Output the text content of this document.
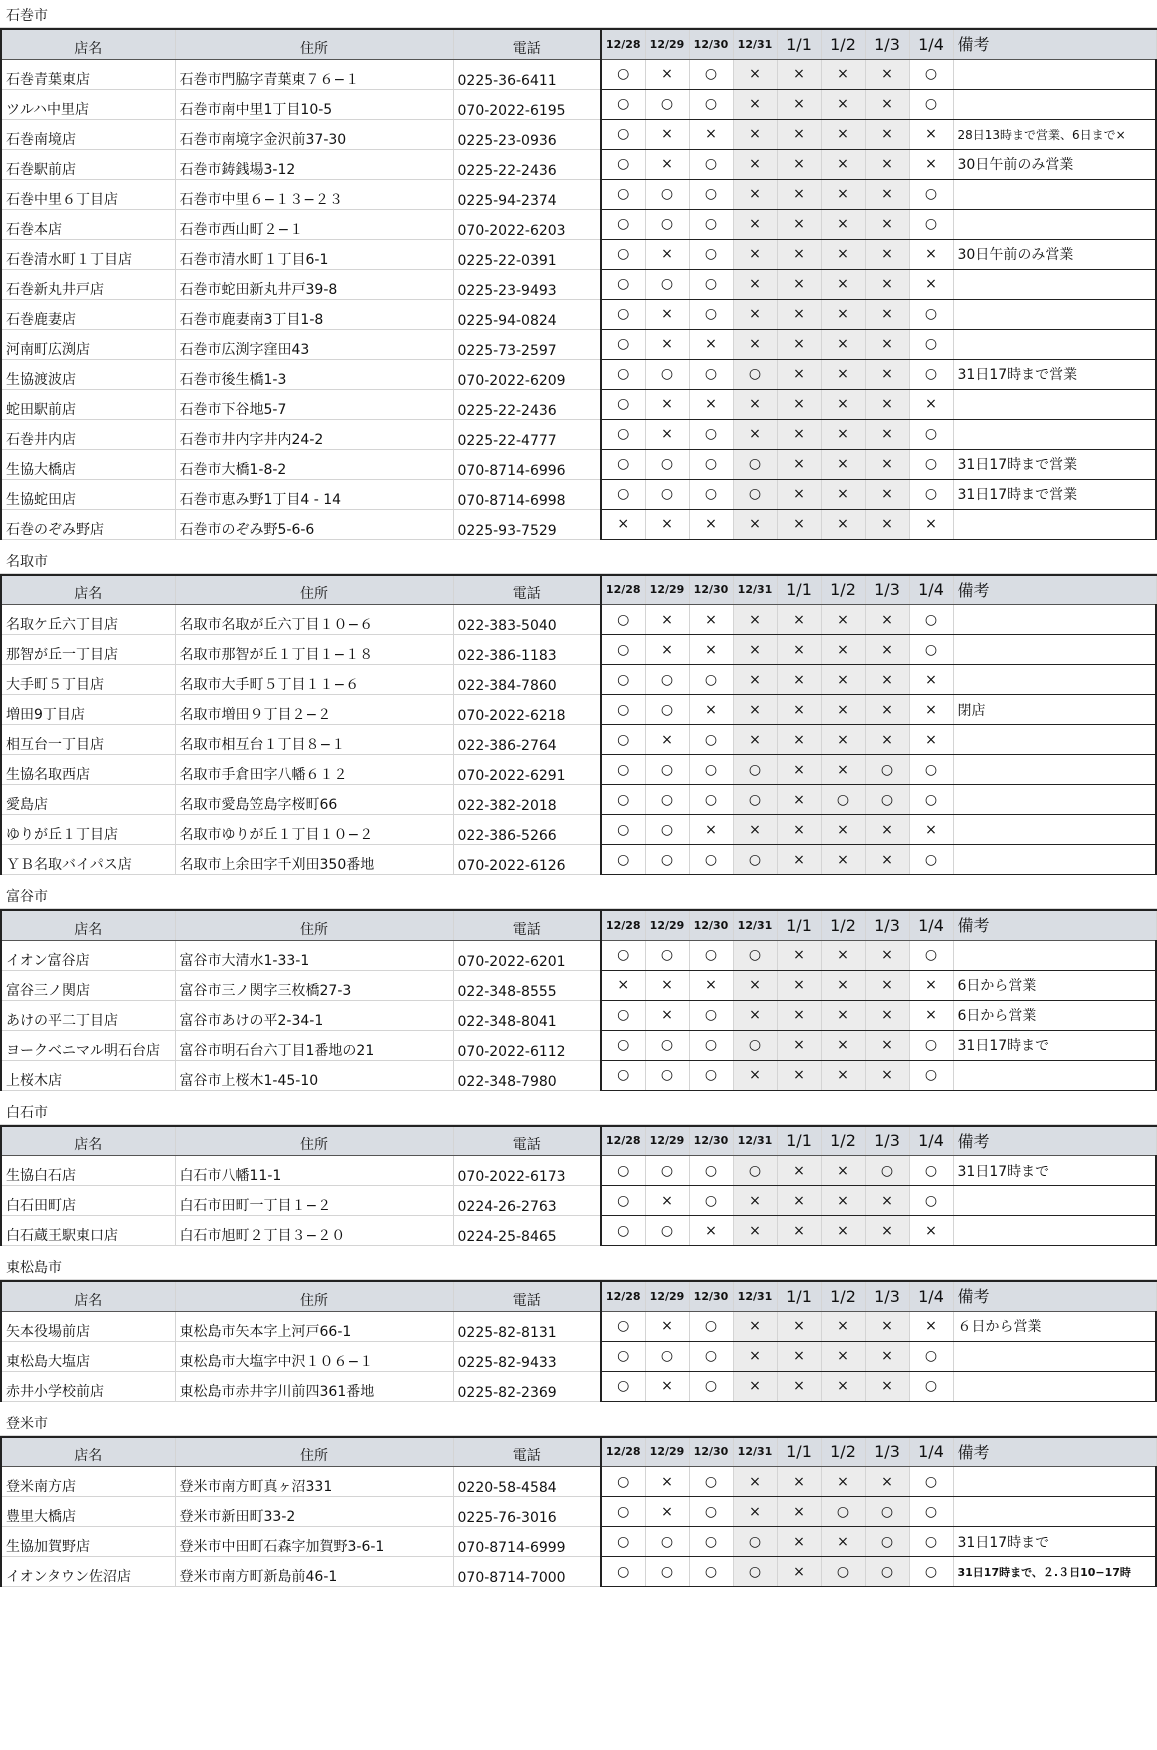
石巻市
店名	住所	電話	12/28	12/29	12/30	12/31	1/1	1/2	1/3	1/4	備考
石巻青葉東店	石巻市門脇字青葉東７６−１	0225-36-6411	○	×	○	×	×	×	×	○	
ツルハ中里店	石巻市南中里1丁目10-5	070-2022-6195	○	○	○	×	×	×	×	○	
石巻南境店	石巻市南境字金沢前37-30	0225-23-0936	○	×	×	×	×	×	×	×	28日13時まで営業、6日まで×
石巻駅前店	石巻市鋳銭場3-12	0225-22-2436	○	×	○	×	×	×	×	×	30日午前のみ営業
石巻中里６丁目店	石巻市中里６−１３−２３	0225-94-2374	○	○	○	×	×	×	×	○	
石巻本店	石巻市西山町２−１	070-2022-6203	○	○	○	×	×	×	×	○	
石巻清水町１丁目店	石巻市清水町１丁目6-1	0225-22-0391	○	×	○	×	×	×	×	×	30日午前のみ営業
石巻新丸井戸店	石巻市蛇田新丸井戸39-8	0225-23-9493	○	○	○	×	×	×	×	×	
石巻鹿妻店	石巻市鹿妻南3丁目1-8	0225-94-0824	○	×	○	×	×	×	×	○	
河南町広渕店	石巻市広渕字窪田43	0225-73-2597	○	×	×	×	×	×	×	○	
生協渡波店	石巻市後生橋1-3	070-2022-6209	○	○	○	○	×	×	×	○	31日17時まで営業
蛇田駅前店	石巻市下谷地5-7	0225-22-2436	○	×	×	×	×	×	×	×	
石巻井内店	石巻市井内字井内24-2	0225-22-4777	○	×	○	×	×	×	×	○	
生協大橋店	石巻市大橋1-8-2	070-8714-6996	○	○	○	○	×	×	×	○	31日17時まで営業
生協蛇田店	石巻市恵み野1丁目4 - 14	070-8714-6998	○	○	○	○	×	×	×	○	31日17時まで営業
石巻のぞみ野店	石巻市のぞみ野5-6-6	0225-93-7529	×	×	×	×	×	×	×	×	
名取市
店名	住所	電話	12/28	12/29	12/30	12/31	1/1	1/2	1/3	1/4	備考
名取ケ丘六丁目店	名取市名取が丘六丁目１０−６	022-383-5040	○	×	×	×	×	×	×	○	
那智が丘一丁目店	名取市那智が丘１丁目１−１８	022-386-1183	○	×	×	×	×	×	×	○	
大手町５丁目店	名取市大手町５丁目１１−６	022-384-7860	○	○	○	×	×	×	×	×	
増田9丁目店	名取市増田９丁目２−２	070-2022-6218	○	○	×	×	×	×	×	×	閉店
相互台一丁目店	名取市相互台１丁目８−１	022-386-2764	○	×	○	×	×	×	×	×	
生協名取西店	名取市手倉田字八幡６１２	070-2022-6291	○	○	○	○	×	×	○	○	
愛島店	名取市愛島笠島字桜町66	022-382-2018	○	○	○	○	×	○	○	○	
ゆりが丘１丁目店	名取市ゆりが丘１丁目１０−２	022-386-5266	○	○	×	×	×	×	×	×	
ＹＢ名取バイパス店	名取市上余田字千刈田350番地	070-2022-6126	○	○	○	○	×	×	×	○	
富谷市
店名	住所	電話	12/28	12/29	12/30	12/31	1/1	1/2	1/3	1/4	備考
イオン富谷店	富谷市大清水1-33-1	070-2022-6201	○	○	○	○	×	×	×	○	
富谷三ノ関店	富谷市三ノ関字三枚橋27-3	022-348-8555	×	×	×	×	×	×	×	×	6日から営業
あけの平二丁目店	富谷市あけの平2-34-1	022-348-8041	○	×	○	×	×	×	×	×	6日から営業
ヨークベニマル明石台店	富谷市明石台六丁目1番地の21	070-2022-6112	○	○	○	○	×	×	×	○	31日17時まで
上桜木店	富谷市上桜木1-45-10	022-348-7980	○	○	○	×	×	×	×	○	
白石市
店名	住所	電話	12/28	12/29	12/30	12/31	1/1	1/2	1/3	1/4	備考
生協白石店	白石市八幡11-1	070-2022-6173	○	○	○	○	×	×	○	○	31日17時まで
白石田町店	白石市田町一丁目１−２	0224-26-2763	○	×	○	×	×	×	×	○	
白石蔵王駅東口店	白石市旭町２丁目３−２０	0224-25-8465	○	○	×	×	×	×	×	×	
東松島市
店名	住所	電話	12/28	12/29	12/30	12/31	1/1	1/2	1/3	1/4	備考
矢本役場前店	東松島市矢本字上河戸66-1	0225-82-8131	○	×	○	×	×	×	×	×	６日から営業
東松島大塩店	東松島市大塩字中沢１０６−１	0225-82-9433	○	○	○	×	×	×	×	○	
赤井小学校前店	東松島市赤井字川前四361番地	0225-82-2369	○	×	○	×	×	×	×	○	
登米市
店名	住所	電話	12/28	12/29	12/30	12/31	1/1	1/2	1/3	1/4	備考
登米南方店	登米市南方町真ヶ沼331	0220-58-4584	○	×	○	×	×	×	×	○	
豊里大橋店	登米市新田町33-2	0225-76-3016	○	×	○	×	×	○	○	○	
生協加賀野店	登米市中田町石森字加賀野3-6-1	070-8714-6999	○	○	○	○	×	×	○	○	31日17時まで
イオンタウン佐沼店	登米市南方町新島前46-1	070-8714-7000	○	○	○	○	×	○	○	○	31日17時まで、２.３日10−17時
